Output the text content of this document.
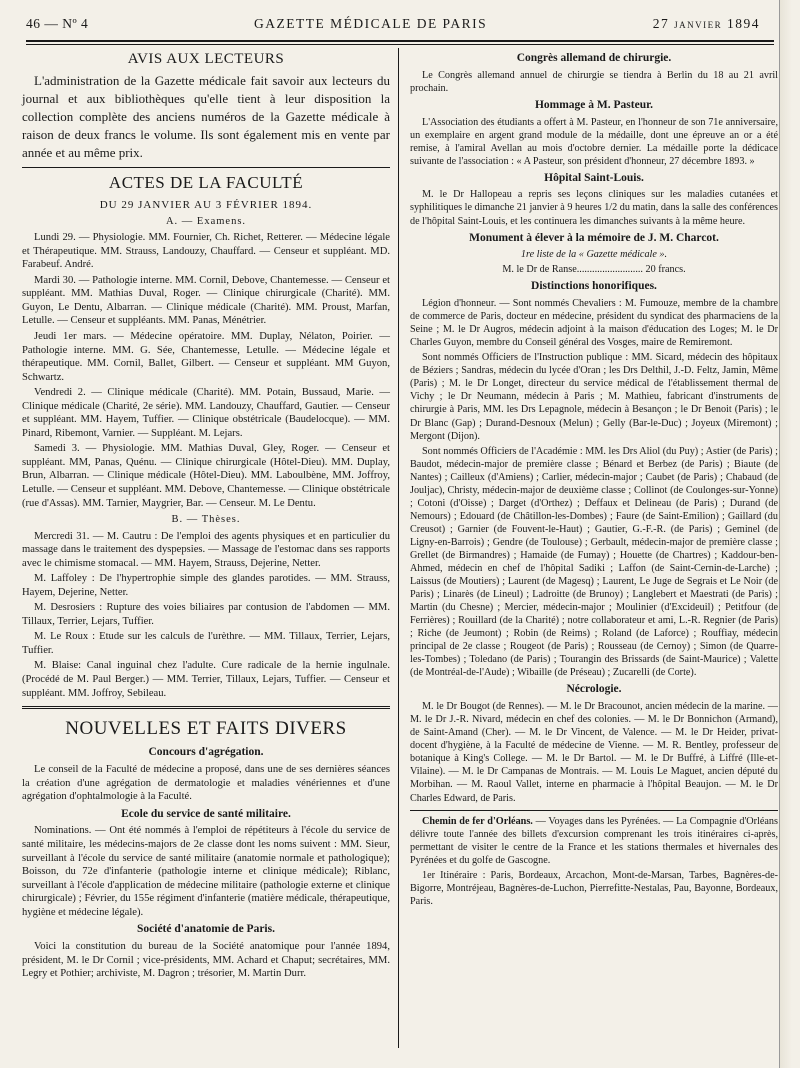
46 — Nº 4	GAZETTE MÉDICALE DE PARIS	27 janvier 1894
AVIS AUX LECTEURS

L'administration de la Gazette médicale fait savoir aux lecteurs du journal et aux bibliothèques qu'elle tient à leur disposition la collection complète des anciens numéros de la Gazette médicale à raison de deux francs le volume. Ils sont également mis en vente par année et au même prix.

ACTES DE LA FACULTÉ
DU 29 JANVIER AU 3 FÉVRIER 1894.
A. — Examens.

Lundi 29. — Physiologie. MM. Fournier, Ch. Richet, Retterer. — Médecine légale et Thérapeutique. MM. Strauss, Landouzy, Chauffard. — Censeur et suppléant. MD. Farabeuf. André.

Mardi 30. — Pathologie interne. MM. Cornil, Debove, Chantemesse. — Censeur et suppléant. MM. Mathias Duval, Roger. — Clinique chirurgicale (Charité). MM. Guyon, Le Dentu, Albarran. — Clinique médicale (Charité). MM. Proust, Marfan, Letulle. — Censeur et suppléants. MM. Panas, Ménétrier.

Jeudi 1er mars. — Médecine opératoire. MM. Duplay, Nélaton, Poirier. — Pathologie interne. MM. G. Sée, Chantemesse, Letulle. — Médecine légale et thérapeutique. MM. Cornil, Ballet, Gilbert. — Censeur et suppléant. MM Guyon, Schwartz.

Vendredi 2. — Clinique médicale (Charité). MM. Potain, Bussaud, Marie. — Clinique médicale (Charité, 2e série). MM. Landouzy, Chauffard, Gautier. — Censeur et suppléant. MM. Hayem, Tuffier. — Clinique obstétricale (Baudelocque). — MM. Pinard, Ribemont, Varnier. — Suppléant. M. Lejars.

Samedi 3. — Physiologie. MM. Mathias Duval, Gley, Roger. — Censeur et suppléant. MM, Panas, Quénu. — Clinique chirurgicale (Hôtel-Dieu). MM. Duplay, Brun, Albarran. — Clinique médicale (Hôtel-Dieu). MM. Laboulbène, MM. Joffroy, Letulle. — Censeur et suppléant. MM. Debove, Chantemesse. — Clinique obstétricale (rue d'Assas). MM. Tarnier, Maygrier, Bar. — Censeur. M. Le Dentu.

B. — Thèses.

Mercredi 31. — M. Cautru : De l'emploi des agents physiques et en particulier du massage dans le traitement des dyspepsies. — Massage de l'estomac dans ses rapports avec le chimisme stomacal. — MM. Hayem, Strauss, Dejerine, Netter.

M. Laffoley : De l'hypertrophie simple des glandes parotides. — MM. Strauss, Hayem, Dejerine, Netter.

M. Desrosiers : Rupture des voies biliaires par contusion de l'abdomen — MM. Tillaux, Terrier, Lejars, Tuffier.

M. Le Roux : Etude sur les calculs de l'urèthre. — MM. Tillaux, Terrier, Lejars, Tuffier.

M. Blaise: Canal inguinal chez l'adulte. Cure radicale de la hernie ingulnale. (Procédé de M. Paul Berger.) — MM. Terrier, Tillaux, Lejars, Tuffier. — Censeur et suppléant. MM. Joffroy, Sebileau.

NOUVELLES ET FAITS DIVERS
Concours d'agrégation.

Le conseil de la Faculté de médecine a proposé, dans une de ses dernières séances la création d'une agrégation de dermatologie et maladies vénériennes et d'une agrégation d'ophtalmologie à la Faculté.

Ecole du service de santé militaire.

Nominations. — Ont été nommés à l'emploi de répétiteurs à l'école du service de santé militaire, les médecins-majors de 2e classe dont les noms suivent : MM. Sieur, surveillant à l'école du service de santé militaire (anatomie normale et pathologique); Boisson, du 72e d'infanterie (pathologie interne et clinique médicale); Riblanc, surveillant à l'école d'application de médecine militaire (pathologie externe et clinique chirurgicale) ; Février, du 155e régiment d'infanterie (matière médicale, thérapeutique, hygiène et médecine légale).

Société d'anatomie de Paris.

Voici la constitution du bureau de la Société anatomique pour l'année 1894, président, M. le Dr Cornil ; vice-présidents, MM. Achard et Chaput; secrétaires, MM. Legry et Pothier; archiviste, M. Dagron ; trésorier, M. Martin Durr.

Congrès allemand de chirurgie.

Le Congrès allemand annuel de chirurgie se tiendra à Berlin du 18 au 21 avril prochain.

Hommage à M. Pasteur.

L'Association des étudiants a offert à M. Pasteur, en l'honneur de son 71e anniversaire, un exemplaire en argent grand module de la médaille, dont une épreuve an or a été remise, à l'amiral Avellan au mois d'octobre dernier. La médaille porte la dédicace suivante de l'association : « A Pasteur, son président d'honneur, 27 décembre 1893. »

Hôpital Saint-Louis.

M. le Dr Hallopeau a repris ses leçons cliniques sur les maladies cutanées et syphilitiques le dimanche 21 janvier à 9 heures 1/2 du matin, dans la salle des conférences de l'hôpital Saint-Louis, et les continuera les dimanches suivants à la même heure.

Monument à élever à la mémoire de J. M. Charcot.

1re liste de la « Gazette médicale ».

M. le Dr de Ranse.......................... 20 francs.

Distinctions honorifiques.

Légion d'honneur. — Sont nommés Chevaliers : M. Fumouze, membre de la chambre de commerce de Paris, docteur en médecine, président du syndicat des pharmaciens de la Seine ; M. le Dr Augros, médecin adjoint à la maison d'éducation des Loges; M. le Dr Charles Guyon, membre du Conseil général des Vosges, maire de Remiremont.

Sont nommés Officiers de l'Instruction publique : MM. Sicard, médecin des hôpitaux de Béziers ; Sandras, médecin du lycée d'Oran ; les Drs Delthil, J.-D. Feltz, Jamin, Même (Paris) ; M. le Dr Longet, directeur du service médical de l'établissement thermal de Vichy ; le Dr Neumann, médecin à Paris ; M. Mathieu, fabricant d'instruments de chirurgie à Paris, MM. les Drs Lepagnole, médecin à Besançon ; le Dr Benoit (Paris) ; le Dr Blanc (Gap) ; Durand-Desnoux (Melun) ; Gelly (Bar-le-Duc) ; Joyeux (Miremont) ; Mergont (Dijon).

Sont nommés Officiers de l'Académie : MM. les Drs Aliol (du Puy) ; Astier (de Paris) ; Baudot, médecin-major de première classe ; Bénard et Berbez (de Paris) ; Biaute (de Nantes) ; Cailleux (d'Amiens) ; Carlier, médecin-major ; Caubet (de Paris) ; Chabaud (de Jouljac), Christy, médecin-major de deuxième classe ; Collinot (de Coulonges-sur-Yonne) ; Cotoni (d'Oisse) ; Darget (d'Orthez) ; Deffaux et Delineau (de Paris) ; Durand (de Nemours) ; Edouard (de Châtillon-les-Dombes) ; Faure (de Saint-Emilion) ; Gaillard (du Creusot) ; Garnier (de Fouvent-le-Haut) ; Gautier, G.-F.-R. (de Paris) ; Geminel (de Ligny-en-Barrois) ; Gendre (de Toulouse) ; Gerbault, médecin-major de première classe ; Grellet (de Birmandres) ; Hamaide (de Fumay) ; Houette (de Chartres) ; Kaddour-ben-Ahmed, médecin en chef de l'hôpital Sadiki ; Laffon (de Saint-Cernin-de-Larche) ; Laissus (de Moutiers) ; Laurent (de Magesq) ; Laurent, Le Juge de Segrais et Le Noir (de Paris) ; Linarès (de Lineul) ; Ladroitte (de Brunoy) ; Langlebert et Maestrati (de Paris) ; Martin (du Chesne) ; Mercier, médecin-major ; Moulinier (d'Excideuil) ; Petitfour (de Ferrières) ; Rouillard (de la Charité) ; notre collaborateur et ami, L.-R. Regnier (de Paris) ; Riche (de Jeumont) ; Robin (de Reims) ; Roland (de Laforce) ; Rouffiay, médecin principal de 2e classe ; Rougeot (de Paris) ; Rousseau (de Cernoy) ; Simon (de Quarre-les-Tombes) ; Toledano (de Paris) ; Tourangin des Brissards (de Saint-Maurice) ; Valette (de Montréal-de-l'Aude) ; Wibaille (de Préseau) ; Zucarelli (de Corte).

Nécrologie.

M. le Dr Bougot (de Rennes). — M. le Dr Bracounot, ancien médecin de la marine. — M. le Dr J.-R. Nivard, médecin en chef des colonies. — M. le Dr Bonnichon (Armand), de Saint-Amand (Cher). — M. le Dr Vincent, de Valence. — M. le Dr Heider, privat-docent d'hygiène, à la Faculté de médecine de Vienne. — M. R. Bentley, professeur de botanique à King's College. — M. le Dr Bartol. — M. le Dr Buffré, à Liffré (Ille-et-Vilaine). — M. le Dr Campanas de Montrais. — M. Louis Le Maguet, ancien député du Morbihan. — M. Raoul Vallet, interne en pharmacie à l'hôpital Beaujon. — M. le Dr Charles Edward, de Paris.

Chemin de fer d'Orléans. — Voyages dans les Pyrénées. — La Compagnie d'Orléans délivre toute l'année des billets d'excursion comprenant les trois itinéraires ci-après, permettant de visiter le centre de la France et les stations thermales et hivernales des Pyrénées et du golfe de Gascogne.

1er Itinéraire : Paris, Bordeaux, Arcachon, Mont-de-Marsan, Tarbes, Bagnères-de-Bigorre, Montréjeau, Bagnères-de-Luchon, Pierrefitte-Nestalas, Pau, Bayonne, Bordeaux, Paris.
